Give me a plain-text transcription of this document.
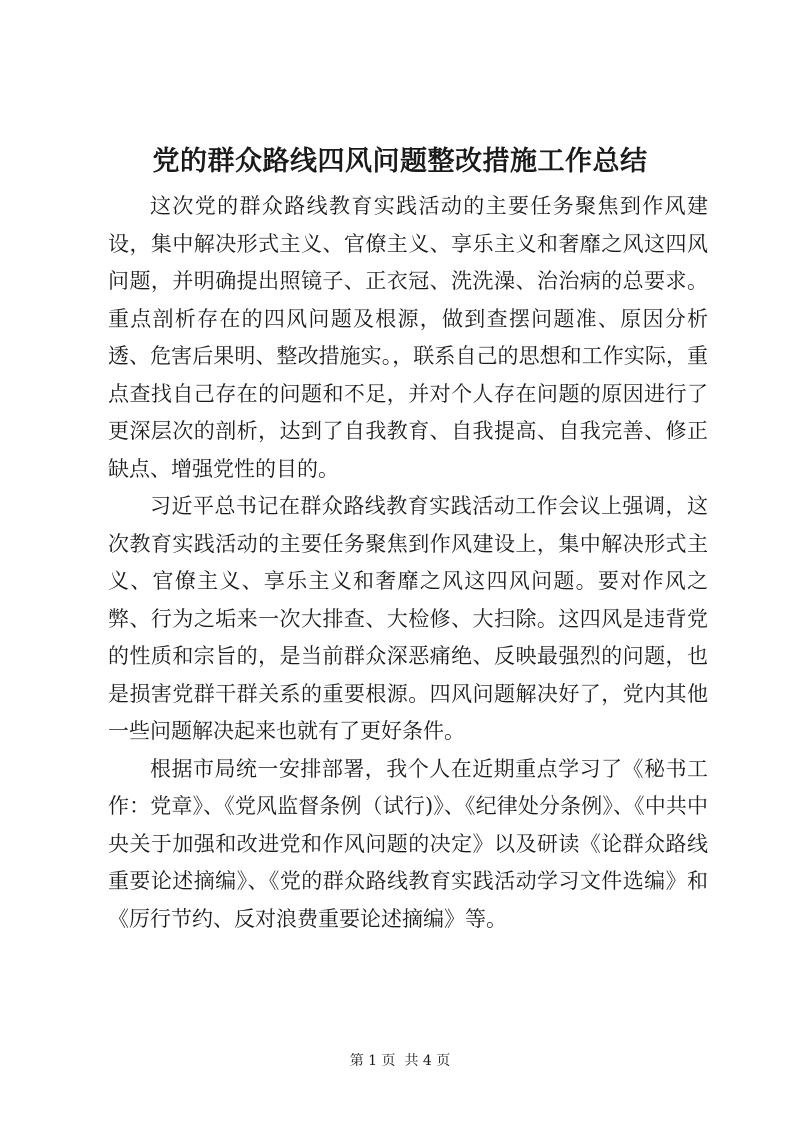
党的群众路线四风问题整改措施工作总结

这次党的群众路线教育实践活动的主要任务聚焦到作风建设，集中解决形式主义、官僚主义、享乐主义和奢靡之风这四风问题，并明确提出照镜子、正衣冠、洗洗澡、治治病的总要求。重点剖析存在的四风问题及根源，做到查摆问题准、原因分析透、危害后果明、整改措施实。，联系自己的思想和工作实际，重点查找自己存在的问题和不足，并对个人存在问题的原因进行了更深层次的剖析，达到了自我教育、自我提高、自我完善、修正缺点、增强党性的目的。

习近平总书记在群众路线教育实践活动工作会议上强调，这次教育实践活动的主要任务聚焦到作风建设上，集中解决形式主义、官僚主义、享乐主义和奢靡之风这四风问题。要对作风之弊、行为之垢来一次大排查、大检修、大扫除。这四风是违背党的性质和宗旨的，是当前群众深恶痛绝、反映最强烈的问题，也是损害党群干群关系的重要根源。四风问题解决好了，党内其他一些问题解决起来也就有了更好条件。

根据市局统一安排部署，我个人在近期重点学习了《秘书工作：党章》、《党风监督条例（试行)》、《纪律处分条例》、《中共中央关于加强和改进党和作风问题的决定》以及研读《论群众路线重要论述摘编》、《党的群众路线教育实践活动学习文件选编》和《厉行节约、反对浪费重要论述摘编》等。

第 1 页  共 4 页
